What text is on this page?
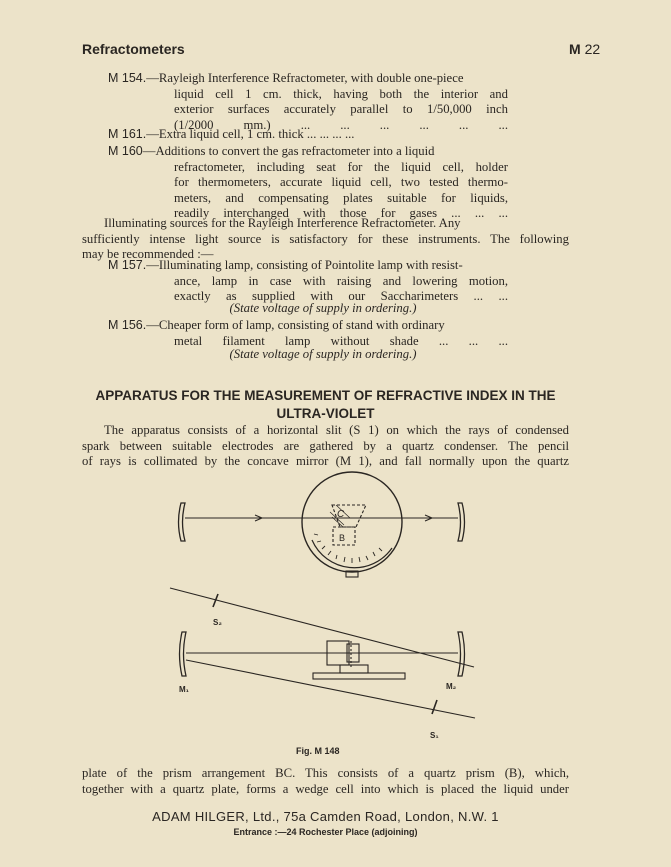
Refractometers	M 22
M 154.—Rayleigh Interference Refractometer, with double one-piece
liquid cell 1 cm. thick, having both the interior and
exterior surfaces accurately parallel to 1/50,000 inch
(1/2000 mm.) ... ... ... ... ... ...
M 161.—Extra liquid cell, 1 cm. thick ... ... ... ...
M 160—Additions to convert the gas refractometer into a liquid
refractometer, including seat for the liquid cell, holder
for thermometers, accurate liquid cell, two tested thermo-
meters, and compensating plates suitable for liquids,
readily interchanged with those for gases ... ... ...
Illuminating sources for the Rayleigh Interference Refractometer. Any
sufficiently intense light source is satisfactory for these instruments. The following
may be recommended :—
M 157.—Illuminating lamp, consisting of Pointolite lamp with resist-
ance, lamp in case with raising and lowering motion,
exactly as supplied with our Saccharimeters ... ...
(State voltage of supply in ordering.)
M 156.—Cheaper form of lamp, consisting of stand with ordinary
metal filament lamp without shade ... ... ...
(State voltage of supply in ordering.)
APPARATUS FOR THE MEASUREMENT OF REFRACTIVE INDEX IN THE
ULTRA-VIOLET
The apparatus consists of a horizontal slit (S 1) on which the rays of condensed
spark between suitable electrodes are gathered by a quartz condenser. The pencil
of rays is collimated by the concave mirror (M 1), and fall normally upon the quartz
C
B
S₂
M₁	M₂
S₁
Fig. M 148
plate of the prism arrangement BC. This consists of a quartz prism (B), which,
together with a quartz plate, forms a wedge cell into which is placed the liquid under
ADAM HILGER, Ltd., 75a Camden Road, London, N.W. 1
Entrance :—24 Rochester Place (adjoining)
